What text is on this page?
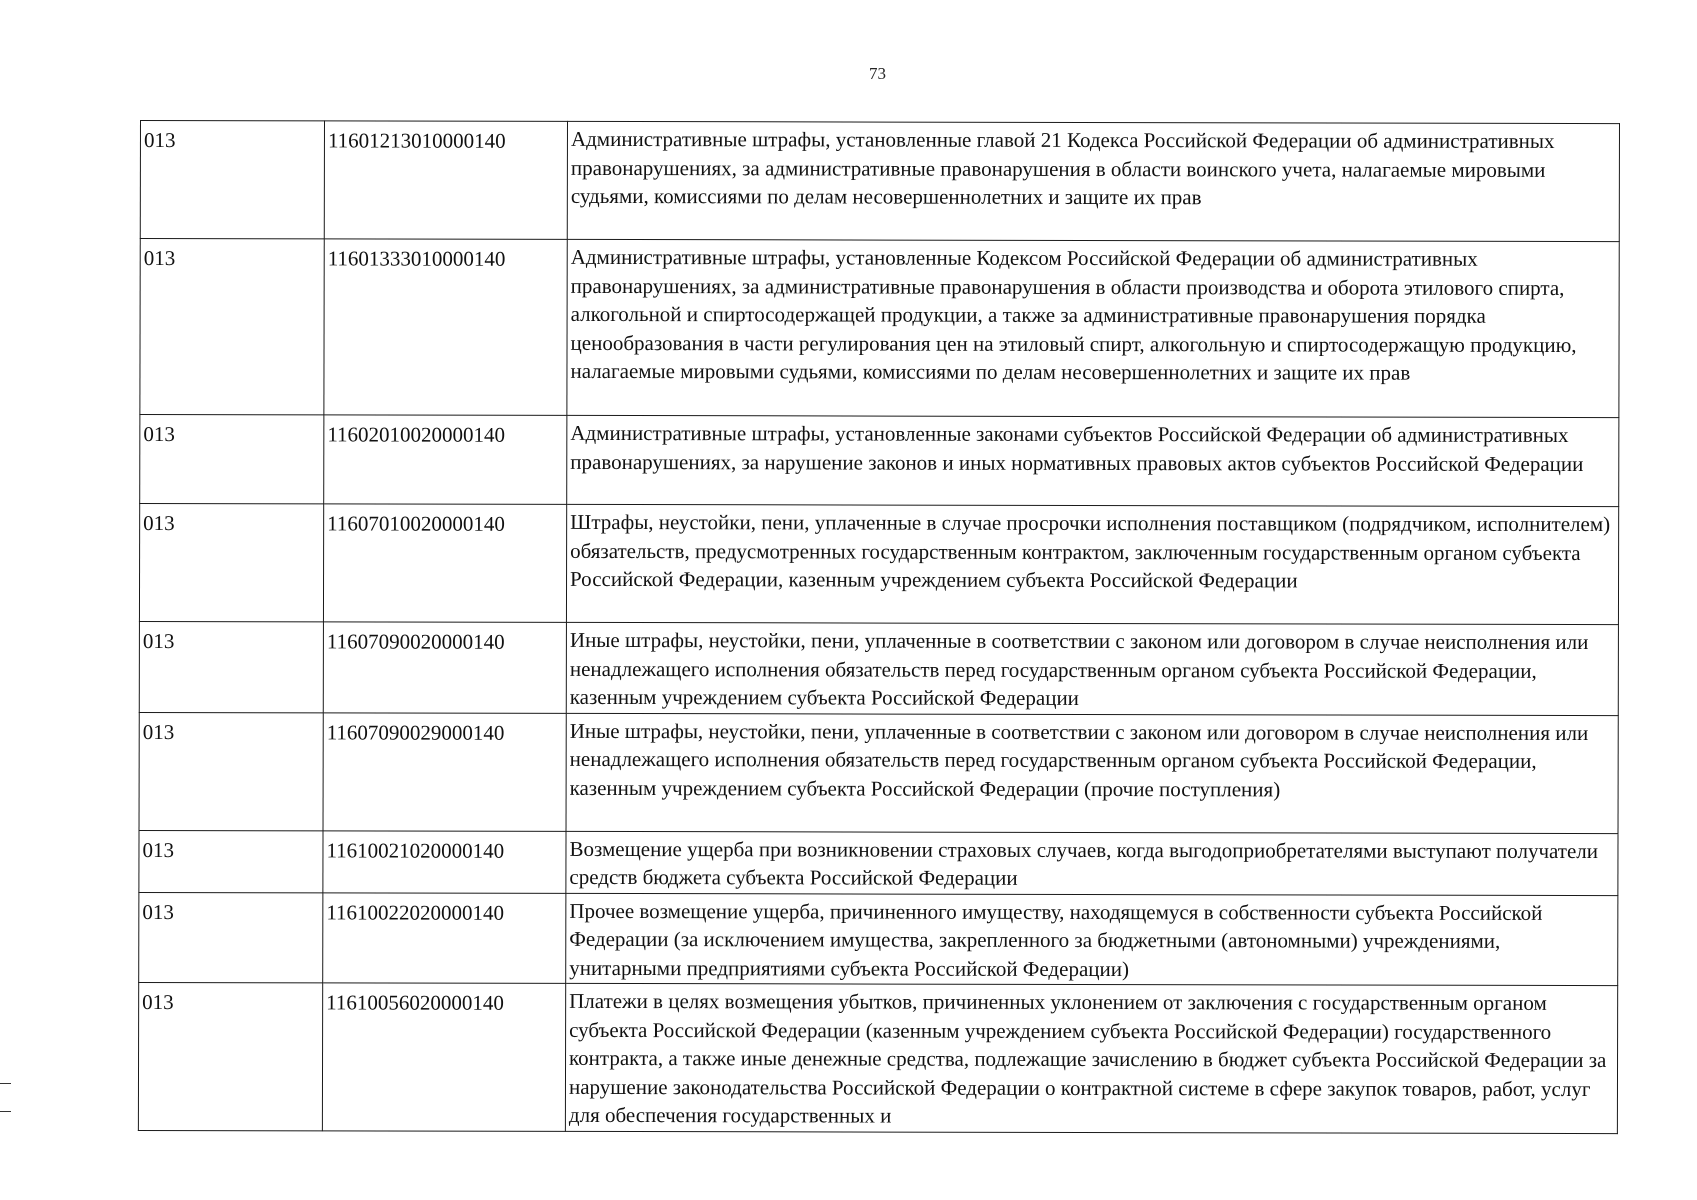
73
013	11601213010000140	Административные штрафы, установленные главой 21 Кодекса Российской Федерации об административных правонарушениях, за административные правонарушения в области воинского учета, налагаемые мировыми судьями, комиссиями по делам несовершеннолетних и защите их прав
013	11601333010000140	Административные штрафы, установленные Кодексом Российской Федерации об административных правонарушениях, за административные правонарушения в области производства и оборота этилового спирта, алкогольной и спиртосодержащей продукции, а также за административные правонарушения порядка ценообразования в части регулирования цен на этиловый спирт, алкогольную и спиртосодержащую продукцию, налагаемые мировыми судьями, комиссиями по делам несовершеннолетних и защите их прав
013	11602010020000140	Административные штрафы, установленные законами субъектов Российской Федерации об административных правонарушениях, за нарушение законов и иных нормативных правовых актов субъектов Российской Федерации
013	11607010020000140	Штрафы, неустойки, пени, уплаченные в случае просрочки исполнения поставщиком (подрядчиком, исполнителем) обязательств, предусмотренных государственным контрактом, заключенным государственным органом субъекта Российской Федерации, казенным учреждением субъекта Российской Федерации
013	11607090020000140	Иные штрафы, неустойки, пени, уплаченные в соответствии с законом или договором в случае неисполнения или ненадлежащего исполнения обязательств перед государственным органом субъекта Российской Федерации, казенным учреждением субъекта Российской Федерации
013	11607090029000140	Иные штрафы, неустойки, пени, уплаченные в соответствии с законом или договором в случае неисполнения или ненадлежащего исполнения обязательств перед государственным органом субъекта Российской Федерации, казенным учреждением субъекта Российской Федерации (прочие поступления)
013	11610021020000140	Возмещение ущерба при возникновении страховых случаев, когда выгодоприобретателями выступают получатели средств бюджета субъекта Российской Федерации
013	11610022020000140	Прочее возмещение ущерба, причиненного имуществу, находящемуся в собственности субъекта Российской Федерации (за исключением имущества, закрепленного за бюджетными (автономными) учреждениями, унитарными предприятиями субъекта Российской Федерации)
013	11610056020000140	Платежи в целях возмещения убытков, причиненных уклонением от заключения с государственным органом субъекта Российской Федерации (казенным учреждением субъекта Российской Федерации) государственного контракта, а также иные денежные средства, подлежащие зачислению в бюджет субъекта Российской Федерации за нарушение законодательства Российской Федерации о контрактной системе в сфере закупок товаров, работ, услуг для обеспечения государственных и
